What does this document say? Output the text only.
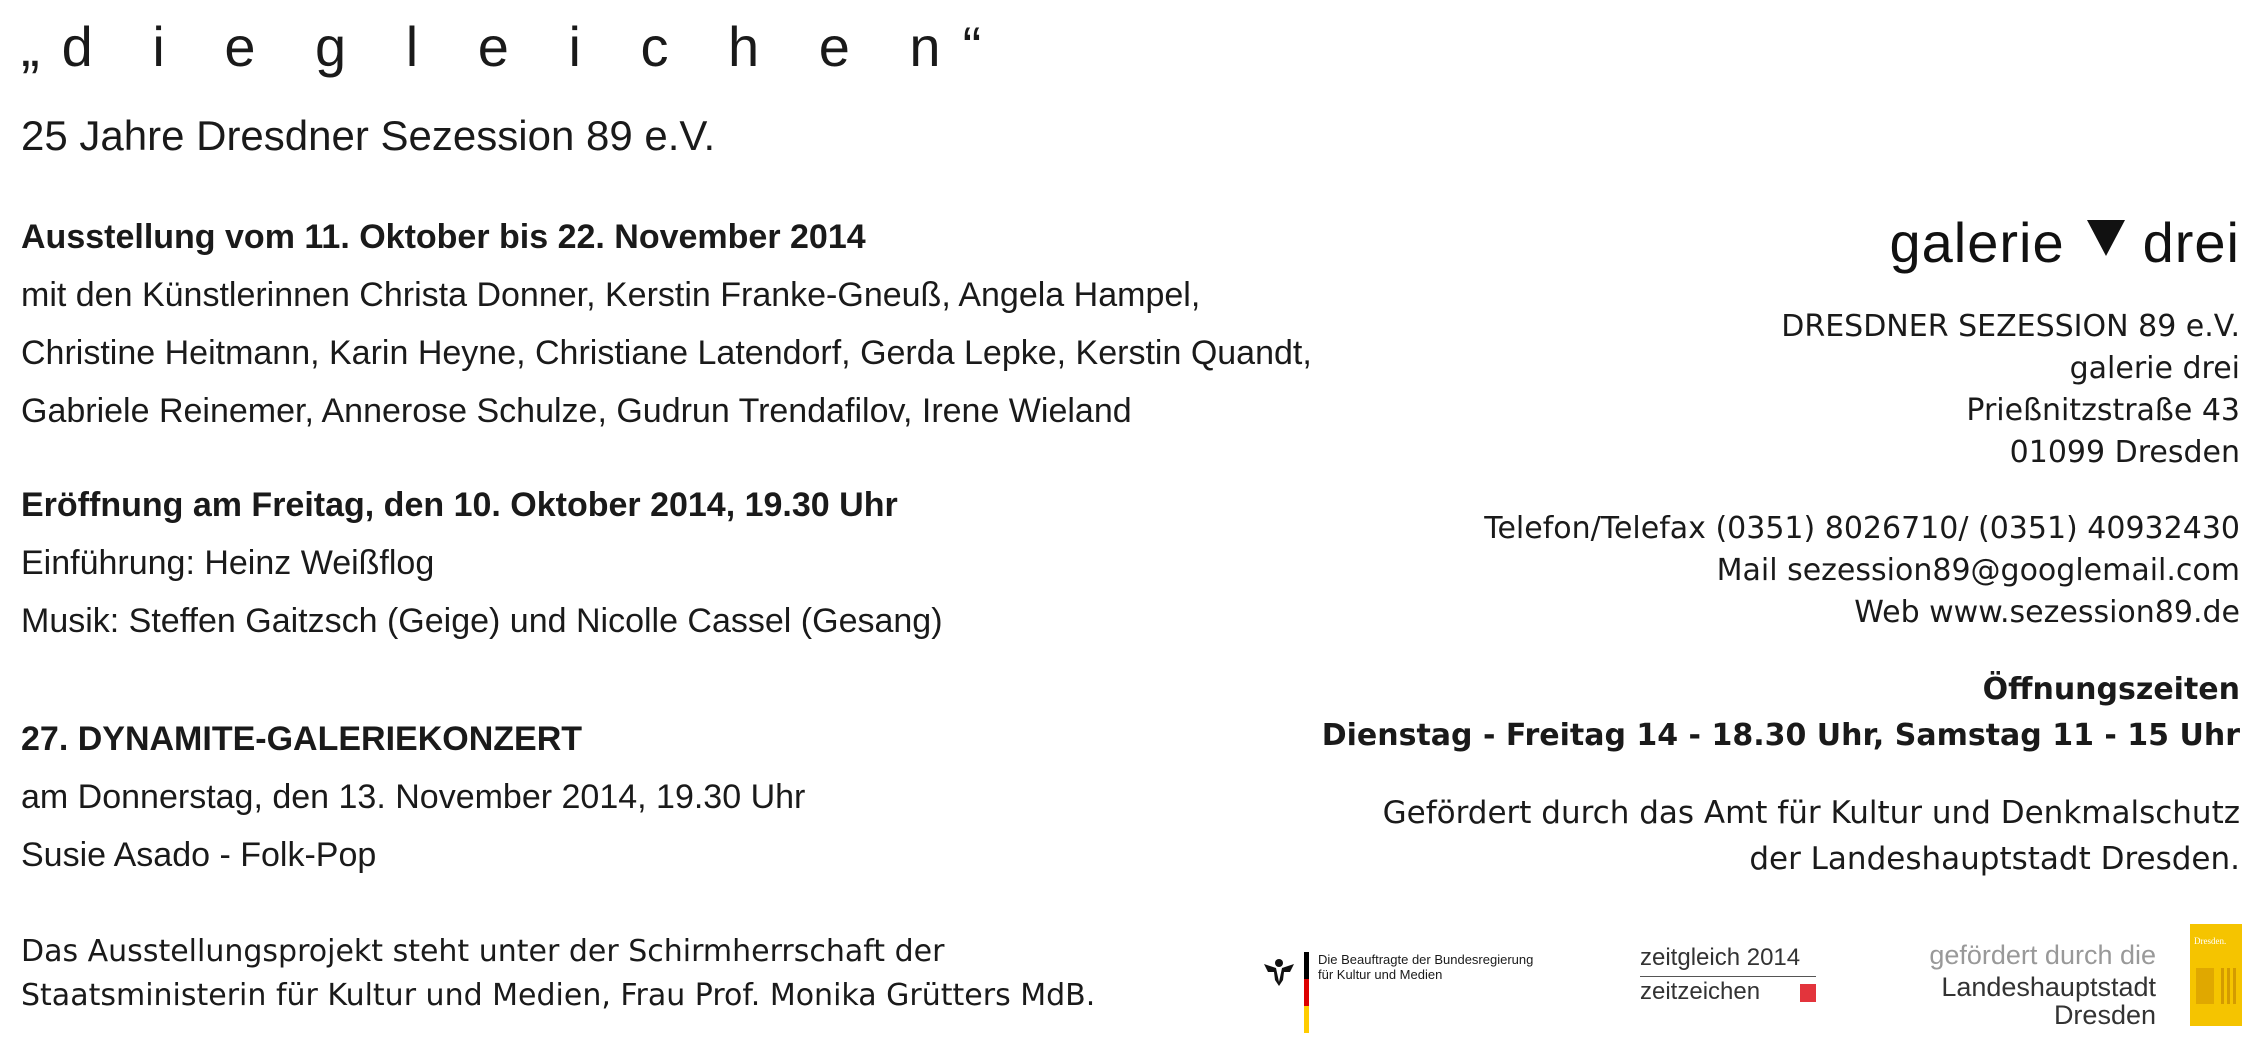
„d i e g l e i c h e n“
25 Jahre Dresdner Sezession 89 e.V.
Ausstellung vom 11. Oktober bis 22. November 2014
mit den Künstlerinnen Christa Donner, Kerstin Franke-Gneuß, Angela Hampel,
Christine Heitmann, Karin Heyne, Christiane Latendorf, Gerda Lepke, Kerstin Quandt,
Gabriele Reinemer, Annerose Schulze, Gudrun Trendafilov, Irene Wieland
Eröffnung am Freitag, den 10. Oktober 2014, 19.30 Uhr
Einführung: Heinz Weißflog
Musik: Steffen Gaitzsch (Geige) und Nicolle Cassel (Gesang)
27. DYNAMITE-GALERIEKONZERT
am Donnerstag, den 13. November 2014, 19.30 Uhr
Susie Asado - Folk-Pop
Das Ausstellungsprojekt steht unter der Schirmherrschaft der
Staatsministerin für Kultur und Medien, Frau Prof. Monika Grütters MdB.
galerie drei
DRESDNER SEZESSION 89 e.V.
galerie drei
Prießnitzstraße 43
01099 Dresden
Telefon/Telefax (0351) 8026710/ (0351) 40932430
Mail sezession89@googlemail.com
Web www.sezession89.de
Öffnungszeiten
Dienstag - Freitag 14 - 18.30 Uhr, Samstag 11 - 15 Uhr
Gefördert durch das Amt für Kultur und Denkmalschutz
der Landeshauptstadt Dresden.
Die Beauftragte der Bundesregierung
für Kultur und Medien
zeitgleich 2014
zeitzeichen
gefördert durch die
Landeshauptstadt
Dresden
Dresden.
